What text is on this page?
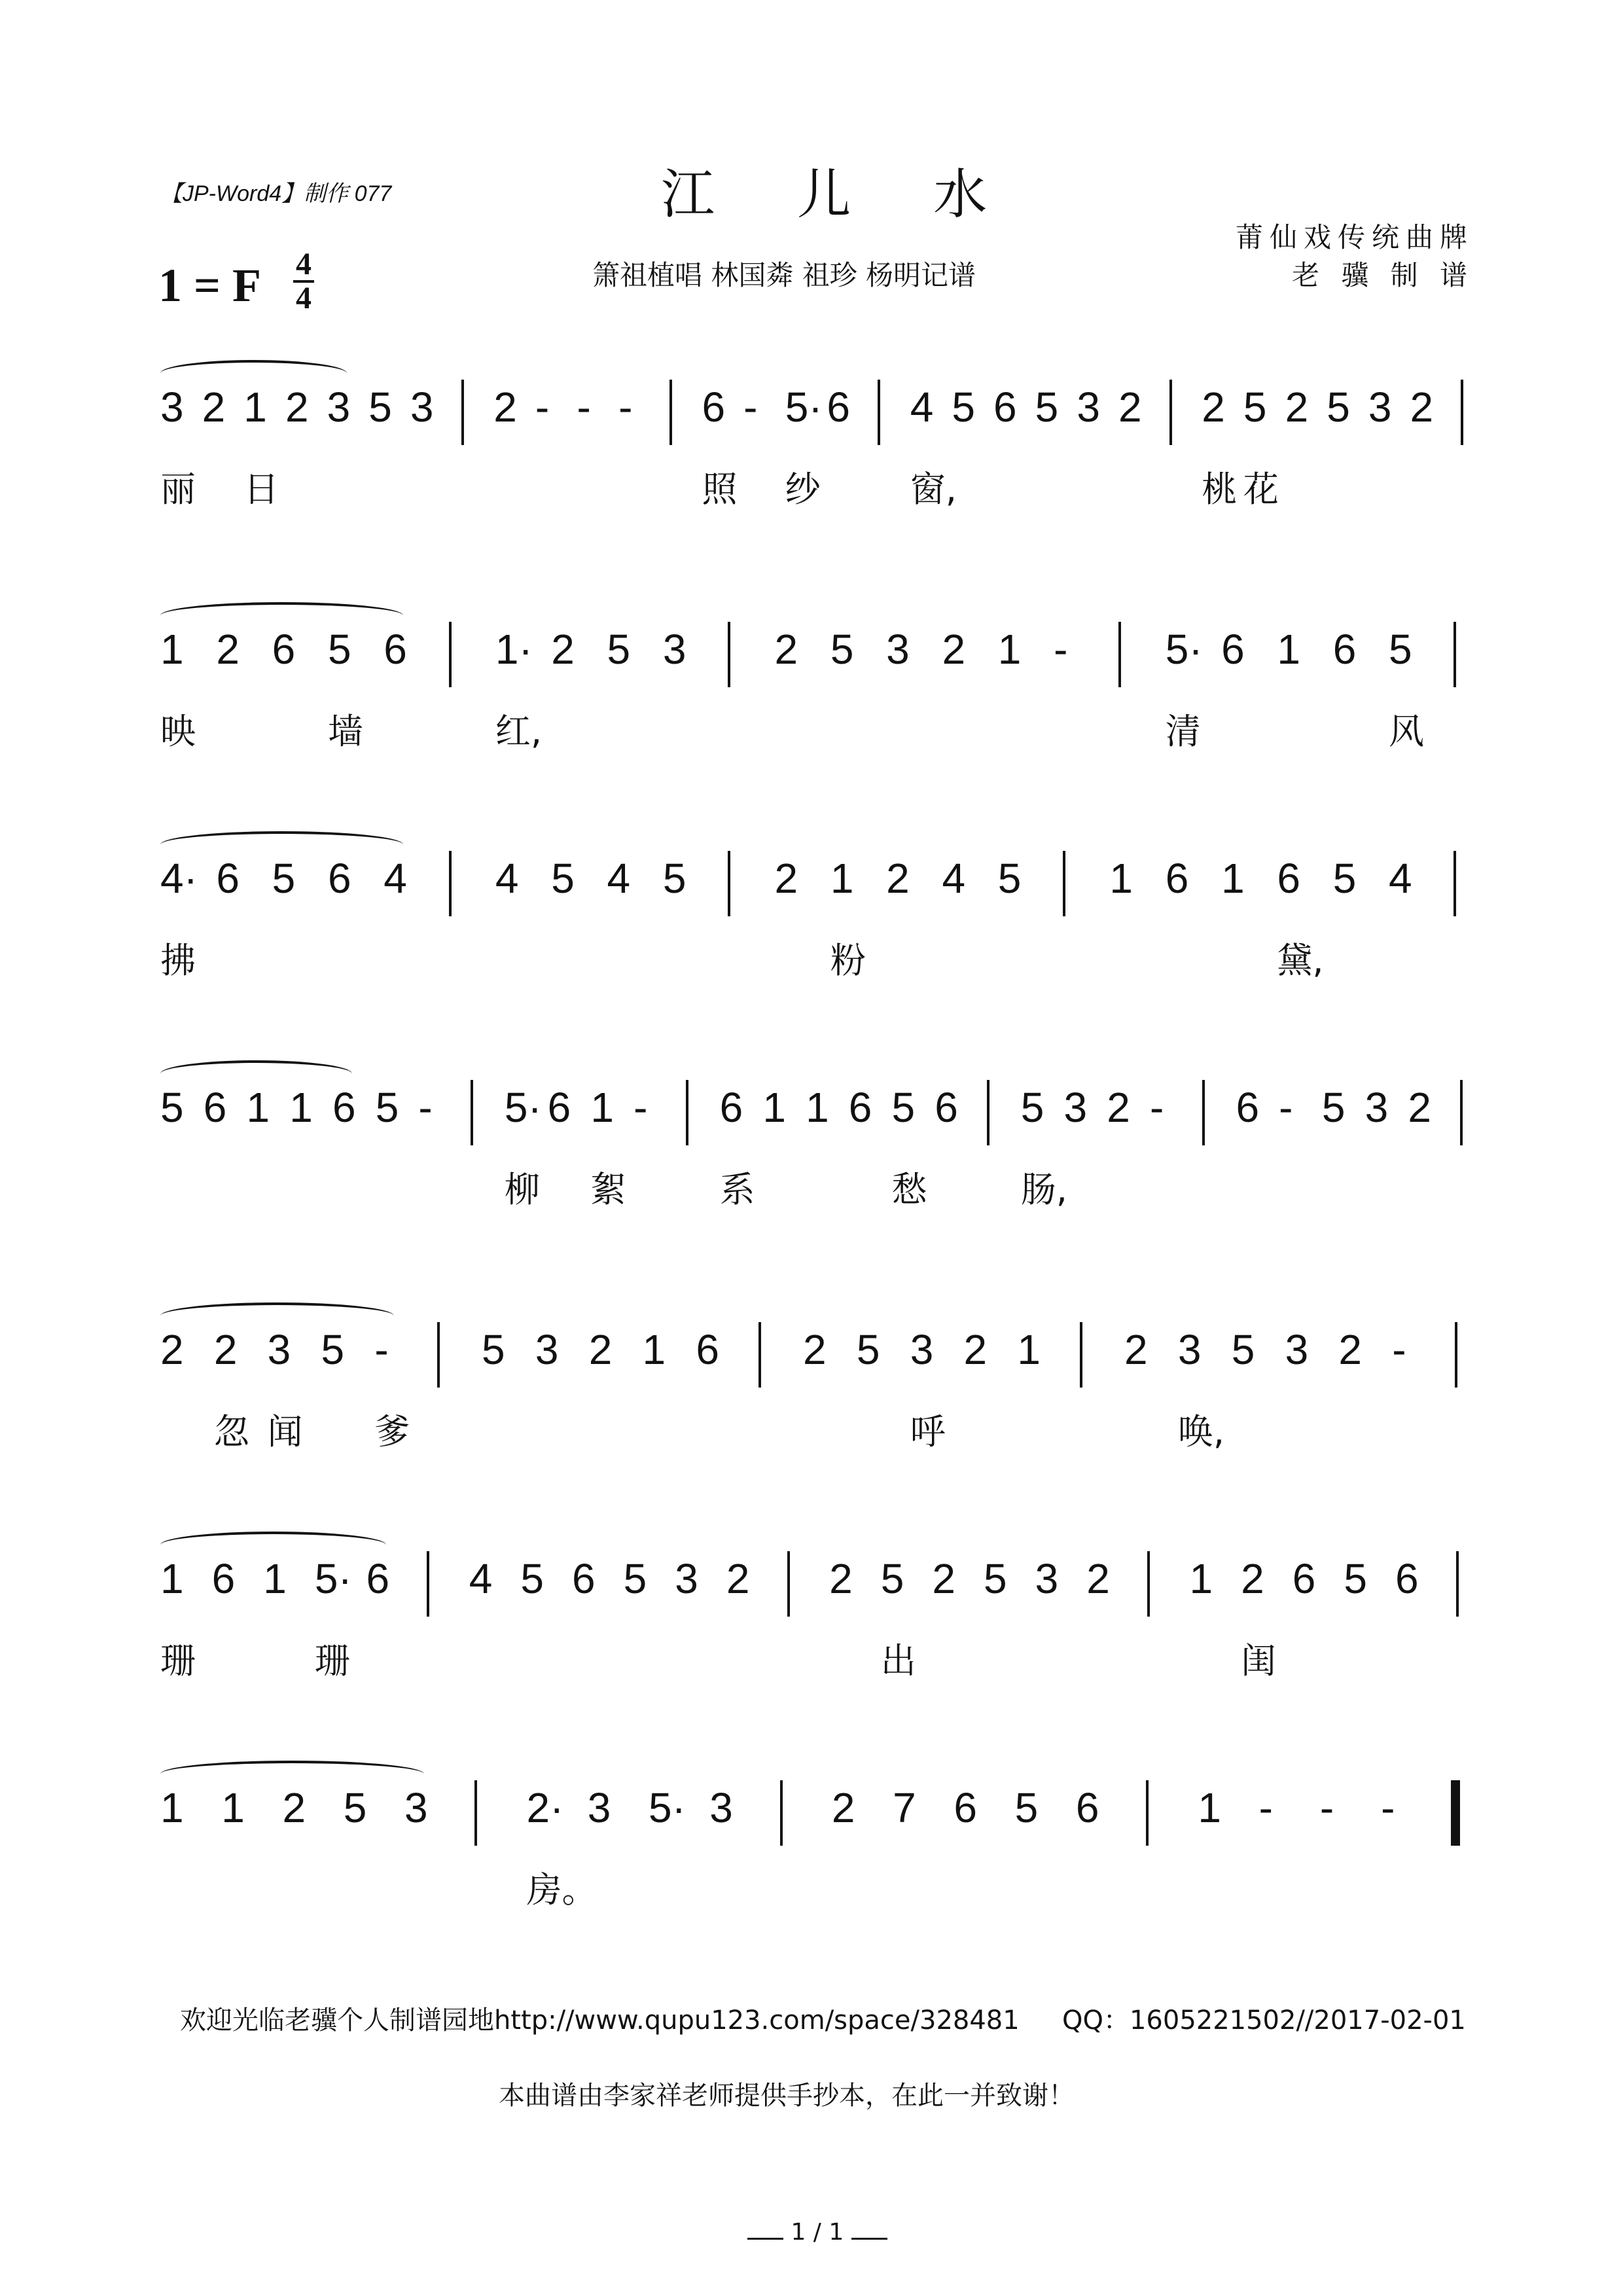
【JP-Word4】制作 077	江 儿 水
莆仙戏传统曲牌
老 骥 制 谱
箫祖植唱 林国粦 祖珍 杨明记谱
1 = F 4
4
3 2 1 2 3 5 3 2 - - - 6 - 5· 6 4 5 6 5 3 2 2 5 2 5 3 2
丽 日	照 纱	窗,	桃 花
1 2 6 5 6 1· 2 5 3 2 5 3 2 1 - 5· 6 1 6 5
映	墙	红,	清	风
4· 6 5 6 4 4 5 4 5 2 1 2 4 5 1 6 1 6 5 4
拂	粉	黛,
5 6 1 1 6 5 - 5· 6 1 - 6 1 1 6 5 6 5 3 2 - 6 - 5 3 2
柳 絮	系	愁	肠,
2 2 3 5 - 5 3 2 1 6 2 5 3 2 1 2 3 5 3 2 -
忽 闻 爹	呼	唤,
1 6 1 5· 6 4 5 6 5 3 2 2 5 2 5 3 2 1 2 6 5 6
珊	珊	出	闺
1 1 2 5 3 2· 3 5· 3 2 7 6 5 6 1 - - -
房。
欢迎光临老骥个人制谱园地http://www.qupu123.com/space/328481 QQ：1605221502//2017-02-01
本曲谱由李家祥老师提供手抄本，在此一并致谢！
1 / 1
